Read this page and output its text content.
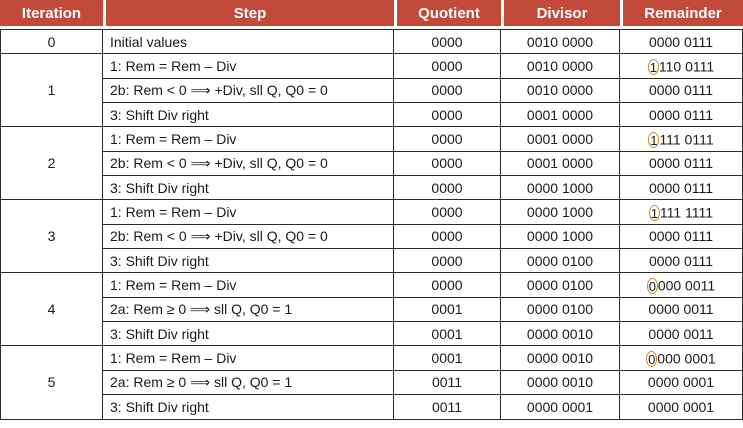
Iteration	Step	Quotient	Divisor	Remainder
0	Initial values	0000	0010 0000	0000 0111
1	1: Rem = Rem – Div	0000	0010 0000	1 110 0111
	2b: Rem < 0 ⟹ +Div, sll Q, Q0 = 0	0000	0010 0000	0000 0111
	3: Shift Div right	0000	0001 0000	0000 0111
2	1: Rem = Rem – Div	0000	0001 0000	1 111 0111
	2b: Rem < 0 ⟹ +Div, sll Q, Q0 = 0	0000	0001 0000	0000 0111
	3: Shift Div right	0000	0000 1000	0000 0111
3	1: Rem = Rem – Div	0000	0000 1000	1 111 1111
	2b: Rem < 0 ⟹ +Div, sll Q, Q0 = 0	0000	0000 1000	0000 0111
	3: Shift Div right	0000	0000 0100	0000 0111
4	1: Rem = Rem – Div	0000	0000 0100	0 000 0011
	2a: Rem ≥ 0 ⟹ sll Q, Q0 = 1	0001	0000 0100	0000 0011
	3: Shift Div right	0001	0000 0010	0000 0011
5	1: Rem = Rem – Div	0001	0000 0010	0 000 0001
	2a: Rem ≥ 0 ⟹ sll Q, Q0 = 1	0011	0000 0010	0000 0001
	3: Shift Div right	0011	0000 0001	0000 0001
